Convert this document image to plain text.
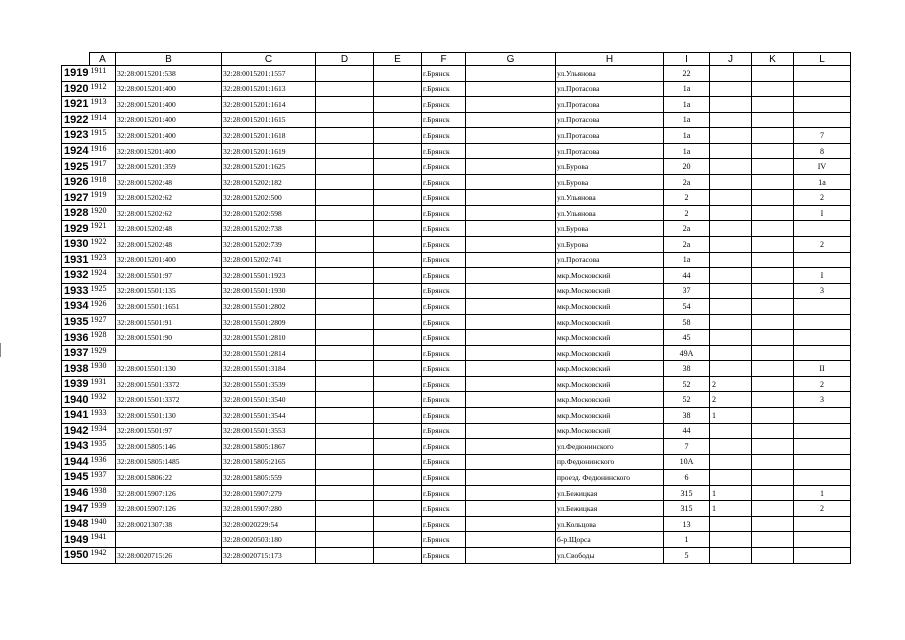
	A	B	C	D	E	F	G	H	I	J	K	L
1919	1911	32:28:0015201:538	32:28:0015201:1557			г.Брянск		ул.Ульянова	22			
1920	1912	32:28:0015201:400	32:28:0015201:1613			г.Брянск		ул.Протасова	1а			
1921	1913	32:28:0015201:400	32:28:0015201:1614			г.Брянск		ул.Протасова	1а			
1922	1914	32:28:0015201:400	32:28:0015201:1615			г.Брянск		ул.Протасова	1а			
1923	1915	32:28:0015201:400	32:28:0015201:1618			г.Брянск		ул.Протасова	1а			7
1924	1916	32:28:0015201:400	32:28:0015201:1619			г.Брянск		ул.Протасова	1а			8
1925	1917	32:28:0015201:359	32:28:0015201:1625			г.Брянск		ул.Бурова	20			IV
1926	1918	32:28:0015202:48	32:28:0015202:182			г.Брянск		ул.Бурова	2а			1а
1927	1919	32:28:0015202:62	32:28:0015202:500			г.Брянск		ул.Ульянова	2			2
1928	1920	32:28:0015202:62	32:28:0015202:598			г.Брянск		ул.Ульянова	2			I
1929	1921	32:28:0015202:48	32:28:0015202:738			г.Брянск		ул.Бурова	2а			
1930	1922	32:28:0015202:48	32:28:0015202:739			г.Брянск		ул.Бурова	2а			2
1931	1923	32:28:0015201:400	32:28:0015202:741			г.Брянск		ул.Протасова	1а			
1932	1924	32:28:0015501:97	32:28:0015501:1923			г.Брянск		мкр.Московский	44			I
1933	1925	32:28:0015501:135	32:28:0015501:1930			г.Брянск		мкр.Московский	37			3
1934	1926	32:28:0015501:1651	32:28:0015501:2802			г.Брянск		мкр.Московский	54			
1935	1927	32:28:0015501:91	32:28:0015501:2809			г.Брянск		мкр.Московский	58			
1936	1928	32:28:0015501:90	32:28:0015501:2810			г.Брянск		мкр.Московский	45			
1937	1929		32:28:0015501:2814			г.Брянск		мкр.Московский	49А			
1938	1930	32:28:0015501:130	32:28:0015501:3184			г.Брянск		мкр.Московский	38			II
1939	1931	32:28:0015501:3372	32:28:0015501:3539			г.Брянск		мкр.Московский	52	2		2
1940	1932	32:28:0015501:3372	32:28:0015501:3540			г.Брянск		мкр.Московский	52	2		3
1941	1933	32:28:0015501:130	32:28:0015501:3544			г.Брянск		мкр.Московский	38	1		
1942	1934	32:28:0015501:97	32:28:0015501:3553			г.Брянск		мкр.Московский	44			
1943	1935	32:28:0015805:146	32:28:0015805:1867			г.Брянск		ул.Федюнинского	7			
1944	1936	32:28:0015805:1485	32:28:0015805:2165			г.Брянск		пр.Федюнинского	10А			
1945	1937	32:28:0015806:22	32:28:0015805:559			г.Брянск		проезд. Федюнинского	6			
1946	1938	32:28:0015907:126	32:28:0015907:279			г.Брянск		ул.Бежицкая	315	1		1
1947	1939	32:28:0015907:126	32:28:0015907:280			г.Брянск		ул.Бежицкая	315	1		2
1948	1940	32:28:0021307:38	32:28:0020229:54			г.Брянск		ул.Кольцова	13			
1949	1941		32:28:0020503:180			г.Брянск		б-р.Щорса	1			
1950	1942	32:28:0020715:26	32:28:0020715:173			г.Брянск		ул.Свободы	5			
